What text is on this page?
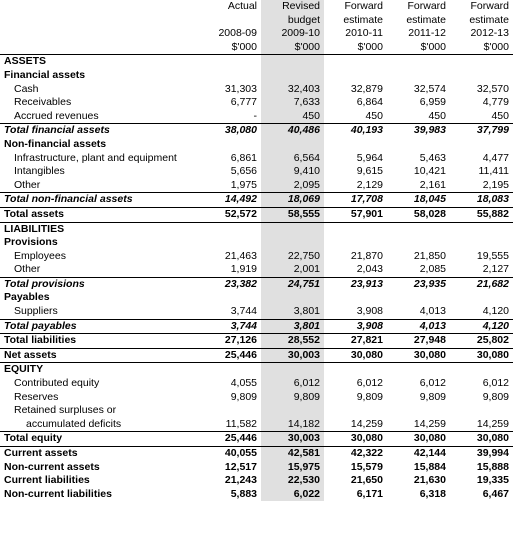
	Actual	Revised	Forward	Forward	Forward
		budget	estimate	estimate	estimate
	2008-09	2009-10	2010-11	2011-12	2012-13
	$'000	$'000	$'000	$'000	$'000
ASSETS					
Financial assets					
Cash	31,303	32,403	32,879	32,574	32,570
Receivables	6,777	7,633	6,864	6,959	4,779
Accrued revenues	-	450	450	450	450
Total financial assets	38,080	40,486	40,193	39,983	37,799
Non-financial assets					
Infrastructure, plant and equipment	6,861	6,564	5,964	5,463	4,477
Intangibles	5,656	9,410	9,615	10,421	11,411
Other	1,975	2,095	2,129	2,161	2,195
Total non-financial assets	14,492	18,069	17,708	18,045	18,083
Total assets	52,572	58,555	57,901	58,028	55,882
LIABILITIES					
Provisions					
Employees	21,463	22,750	21,870	21,850	19,555
Other	1,919	2,001	2,043	2,085	2,127
Total provisions	23,382	24,751	23,913	23,935	21,682
Payables					
Suppliers	3,744	3,801	3,908	4,013	4,120
Total payables	3,744	3,801	3,908	4,013	4,120
Total liabilities	27,126	28,552	27,821	27,948	25,802
Net assets	25,446	30,003	30,080	30,080	30,080
EQUITY					
Contributed equity	4,055	6,012	6,012	6,012	6,012
Reserves	9,809	9,809	9,809	9,809	9,809
Retained surpluses or					
accumulated deficits	11,582	14,182	14,259	14,259	14,259
Total equity	25,446	30,003	30,080	30,080	30,080
Current assets	40,055	42,581	42,322	42,144	39,994
Non-current assets	12,517	15,975	15,579	15,884	15,888
Current liabilities	21,243	22,530	21,650	21,630	19,335
Non-current liabilities	5,883	6,022	6,171	6,318	6,467
